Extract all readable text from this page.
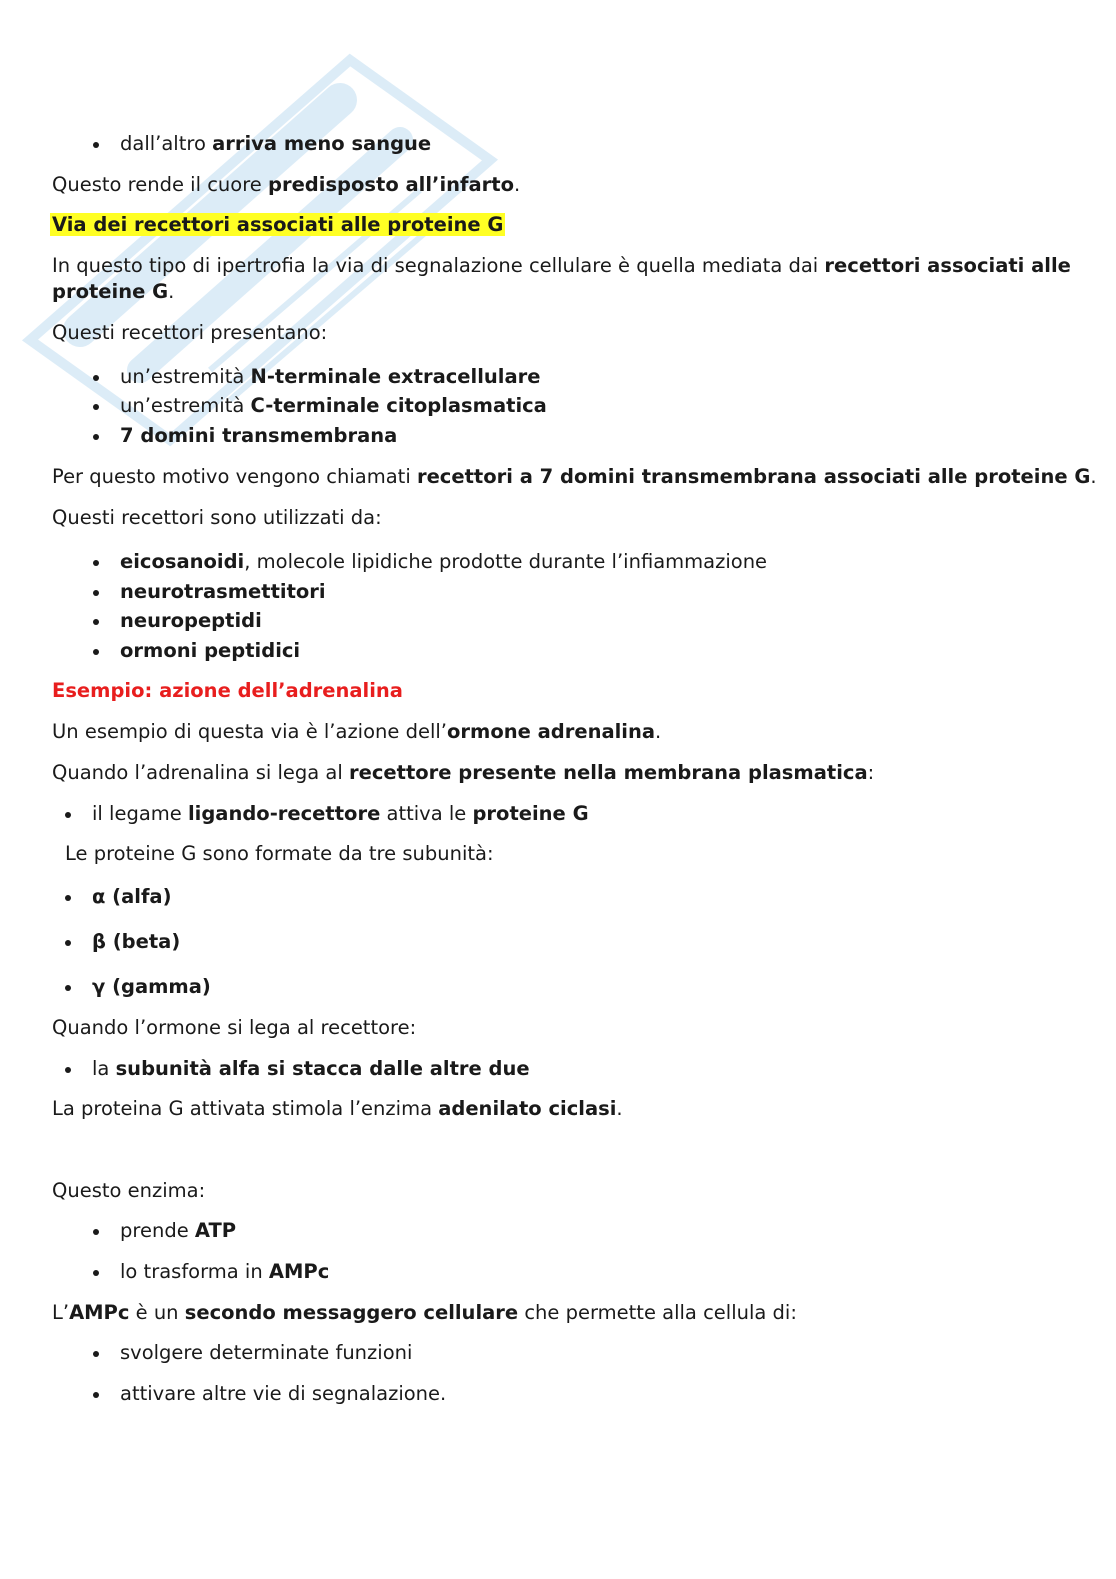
dall’altro arriva meno sangue
Questo rende il cuore predisposto all’infarto.
Via dei recettori associati alle proteine G
In questo tipo di ipertrofia la via di segnalazione cellulare è quella mediata dai recettori associati alle
proteine G.
Questi recettori presentano:
un’estremità N-terminale extracellulare
un’estremità C-terminale citoplasmatica
7 domini transmembrana
Per questo motivo vengono chiamati recettori a 7 domini transmembrana associati alle proteine G.
Questi recettori sono utilizzati da:
eicosanoidi, molecole lipidiche prodotte durante l’infiammazione
neurotrasmettitori
neuropeptidi
ormoni peptidici
Esempio: azione dell’adrenalina
Un esempio di questa via è l’azione dell’ormone adrenalina.
Quando l’adrenalina si lega al recettore presente nella membrana plasmatica:
il legame ligando-recettore attiva le proteine G
Le proteine G sono formate da tre subunità:
α (alfa)
β (beta)
γ (gamma)
Quando l’ormone si lega al recettore:
la subunità alfa si stacca dalle altre due
La proteina G attivata stimola l’enzima adenilato ciclasi.
Questo enzima:
prende ATP
lo trasforma in AMPc
L’AMPc è un secondo messaggero cellulare che permette alla cellula di:
svolgere determinate funzioni
attivare altre vie di segnalazione.
